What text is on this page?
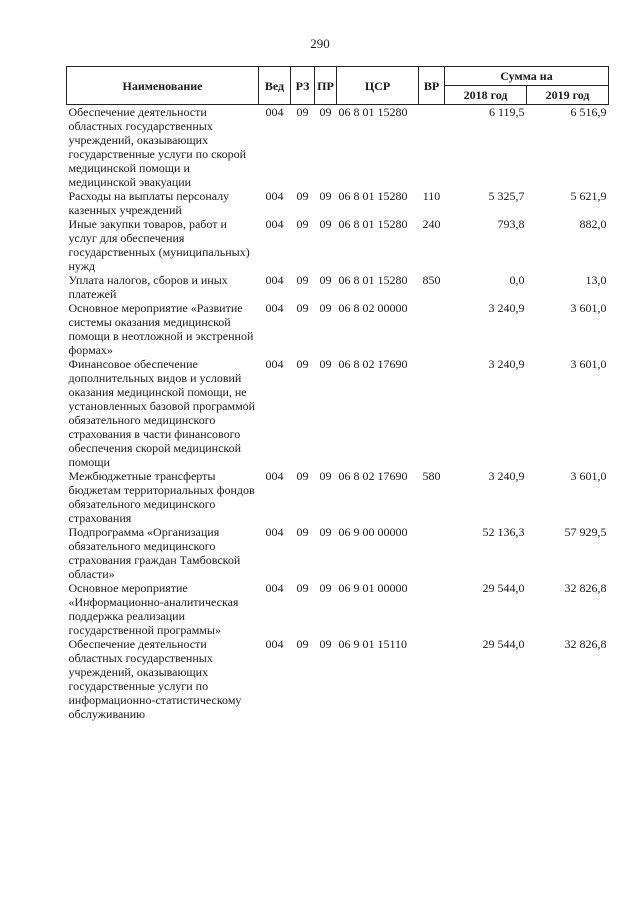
290
Наименование	Вед	РЗ	ПР	ЦСР	ВР	Сумма на	
						2018 год	2019 год
Обеспечение деятельности областных государственных учреждений, оказывающих государственные услуги по скорой медицинской помощи и медицинской эвакуации	004	09	09	06 8 01 15280		6 119,5	6 516,9
Расходы на выплаты персоналу казенных учреждений	004	09	09	06 8 01 15280	110	5 325,7	5 621,9
Иные закупки товаров, работ и услуг для обеспечения государственных (муниципальных) нужд	004	09	09	06 8 01 15280	240	793,8	882,0
Уплата налогов, сборов и иных платежей	004	09	09	06 8 01 15280	850	0,0	13,0
Основное мероприятие «Развитие системы оказания медицинской помощи в неотложной и экстренной формах»	004	09	09	06 8 02 00000		3 240,9	3 601,0
Финансовое обеспечение дополнительных видов и условий оказания медицинской помощи, не установленных базовой программой обязательного медицинского страхования в части финансового обеспечения скорой медицинской помощи	004	09	09	06 8 02 17690		3 240,9	3 601,0
Межбюджетные трансферты бюджетам территориальных фондов обязательного медицинского страхования	004	09	09	06 8 02 17690	580	3 240,9	3 601,0
Подпрограмма «Организация обязательного медицинского страхования граждан Тамбовской области»	004	09	09	06 9 00 00000		52 136,3	57 929,5
Основное мероприятие «Информационно-аналитическая поддержка реализации государственной программы»	004	09	09	06 9 01 00000		29 544,0	32 826,8
Обеспечение деятельности областных государственных учреждений, оказывающих государственные услуги по информационно-статистическому обслуживанию	004	09	09	06 9 01 15110		29 544,0	32 826,8
